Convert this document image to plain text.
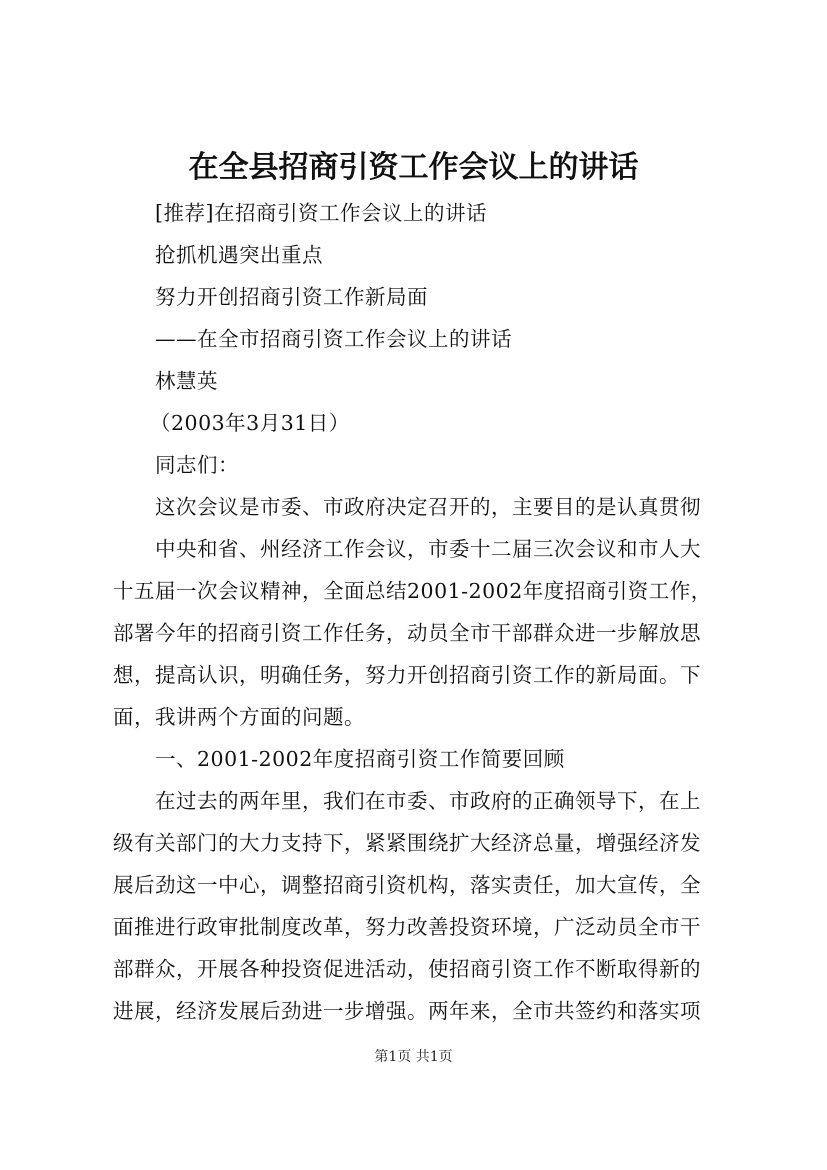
在全县招商引资工作会议上的讲话

[推荐]在招商引资工作会议上的讲话

抢抓机遇突出重点

努力开创招商引资工作新局面

——在全市招商引资工作会议上的讲话

林慧英

（2003年3月31日）

同志们：

这次会议是市委、市政府决定召开的，主要目的是认真贯彻

中央和省、州经济工作会议，市委十二届三次会议和市人大

十五届一次会议精神，全面总结2001-2002年度招商引资工作，

部署今年的招商引资工作任务，动员全市干部群众进一步解放思

想，提高认识，明确任务，努力开创招商引资工作的新局面。下

面，我讲两个方面的问题。

一、2001-2002年度招商引资工作简要回顾

在过去的两年里，我们在市委、市政府的正确领导下，在上

级有关部门的大力支持下，紧紧围绕扩大经济总量，增强经济发

展后劲这一中心，调整招商引资机构，落实责任，加大宣传，全

面推进行政审批制度改革，努力改善投资环境，广泛动员全市干

部群众，开展各种投资促进活动，使招商引资工作不断取得新的

进展，经济发展后劲进一步增强。两年来，全市共签约和落实项

第1页 共1页
